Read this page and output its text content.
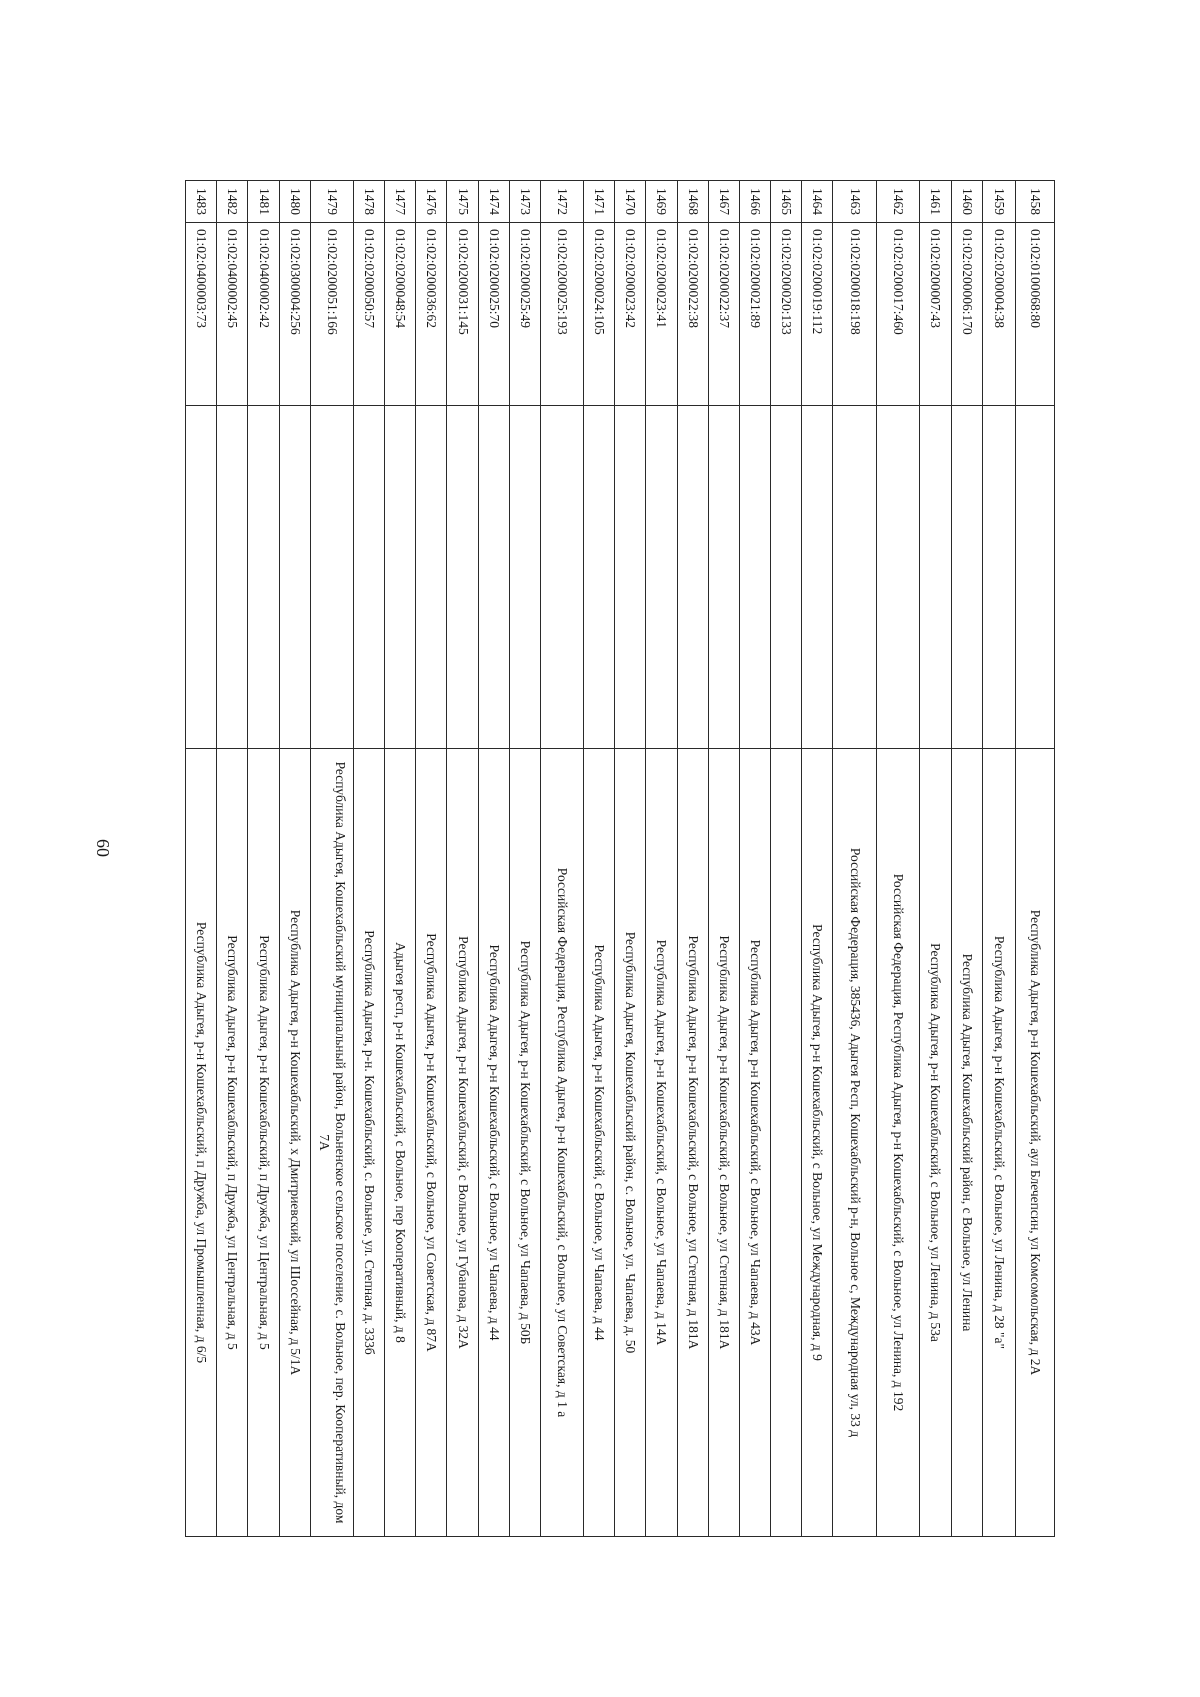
60
1458	01:02:0100068:80		Республика Адыгея, р-н Кошехабльский, аул Блечепсин, ул Комсомольская, д 2А
1459	01:02:0200004:38		Республика Адыгея, р-н Кошехабльский, с Вольное, ул Ленина, д 28 "а"
1460	01:02:0200006:170		Республика Адыгея, Кошехабльский район, с Вольное, ул Ленина
1461	01:02:0200007:43		Республика Адыгея, р-н Кошехабльский, с Вольное, ул Ленина, д 53а
1462	01:02:0200017:460		Российская Федерация, Республика Адыгея, р-н Кошехабльский, с Вольное, ул Ленина, д 192
1463	01:02:0200018:198		Российская Федерация, 385436, Адыгея Респ, Кошехабльский р-н, Вольное с, Международная ул, 33 д
1464	01:02:0200019:112		Республика Адыгея, р-н Кошехабльский, с Вольное, ул Международная, д 9
1465	01:02:0200020:133		
1466	01:02:0200021:89		Республика Адыгея, р-н Кошехабльский, с Вольное, ул Чапаева, д 43А
1467	01:02:0200022:37		Республика Адыгея, р-н Кошехабльский, с Вольное, ул Степная, д 181А
1468	01:02:0200022:38		Республика Адыгея, р-н Кошехабльский, с Вольное, ул Степная, д 181А
1469	01:02:0200023:41		Республика Адыгея, р-н Кошехабльский, с Вольное, ул Чапаева, д 14А
1470	01:02:0200023:42		Республика Адыгея, Кошехабльский район, с. Вольное, ул. Чапаева, д. 50
1471	01:02:0200024:105		Республика Адыгея, р-н Кошехабльский, с Вольное, ул Чапаева, д 44
1472	01:02:0200025:193		Российская Федерация, Республика Адыгея, р-н Кошехабльский, с Вольное, ул Советская, д 1 а
1473	01:02:0200025:49		Республика Адыгея, р-н Кошехабльский, с Вольное, ул Чапаева, д 50Б
1474	01:02:0200025:70		Республика Адыгея, р-н Кошехабльский, с Вольное, ул Чапаева, д 44
1475	01:02:0200031:145		Республика Адыгея, р-н Кошехабльский, с Вольное, ул Губанова, д 32А
1476	01:02:0200036:62		Республика Адыгея, р-н Кошехабльский, с Вольное, ул Советская, д 87А
1477	01:02:0200048:54		Адыгея респ, р-н Кошехабльский, с Вольное, пер Кооперативный, д 8
1478	01:02:0200050:57		Республика Адыгея, р-н. Кошехабльский, с. Вольное, ул. Степная, д. 333б
1479	01:02:0200051:166		Республика Адыгея, Кошехабльский муниципальный район, Вольненское сельское поселение, с. Вольное, пер. Кооперативный, дом 7А
1480	01:02:0300004:256		Республика Адыгея, р-н Кошехабльский, х Дмитриевский, ул Шоссейная, д 5/1А
1481	01:02:0400002:42		Республика Адыгея, р-н Кошехабльский, п Дружба, ул Центральная, д 5
1482	01:02:0400002:45		Республика Адыгея, р-н Кошехабльский, п Дружба, ул Центральная, д 5
1483	01:02:0400003:73		Республика Адыгея, р-н Кошехабльский, п Дружба, ул Промышленная, д 6/5
